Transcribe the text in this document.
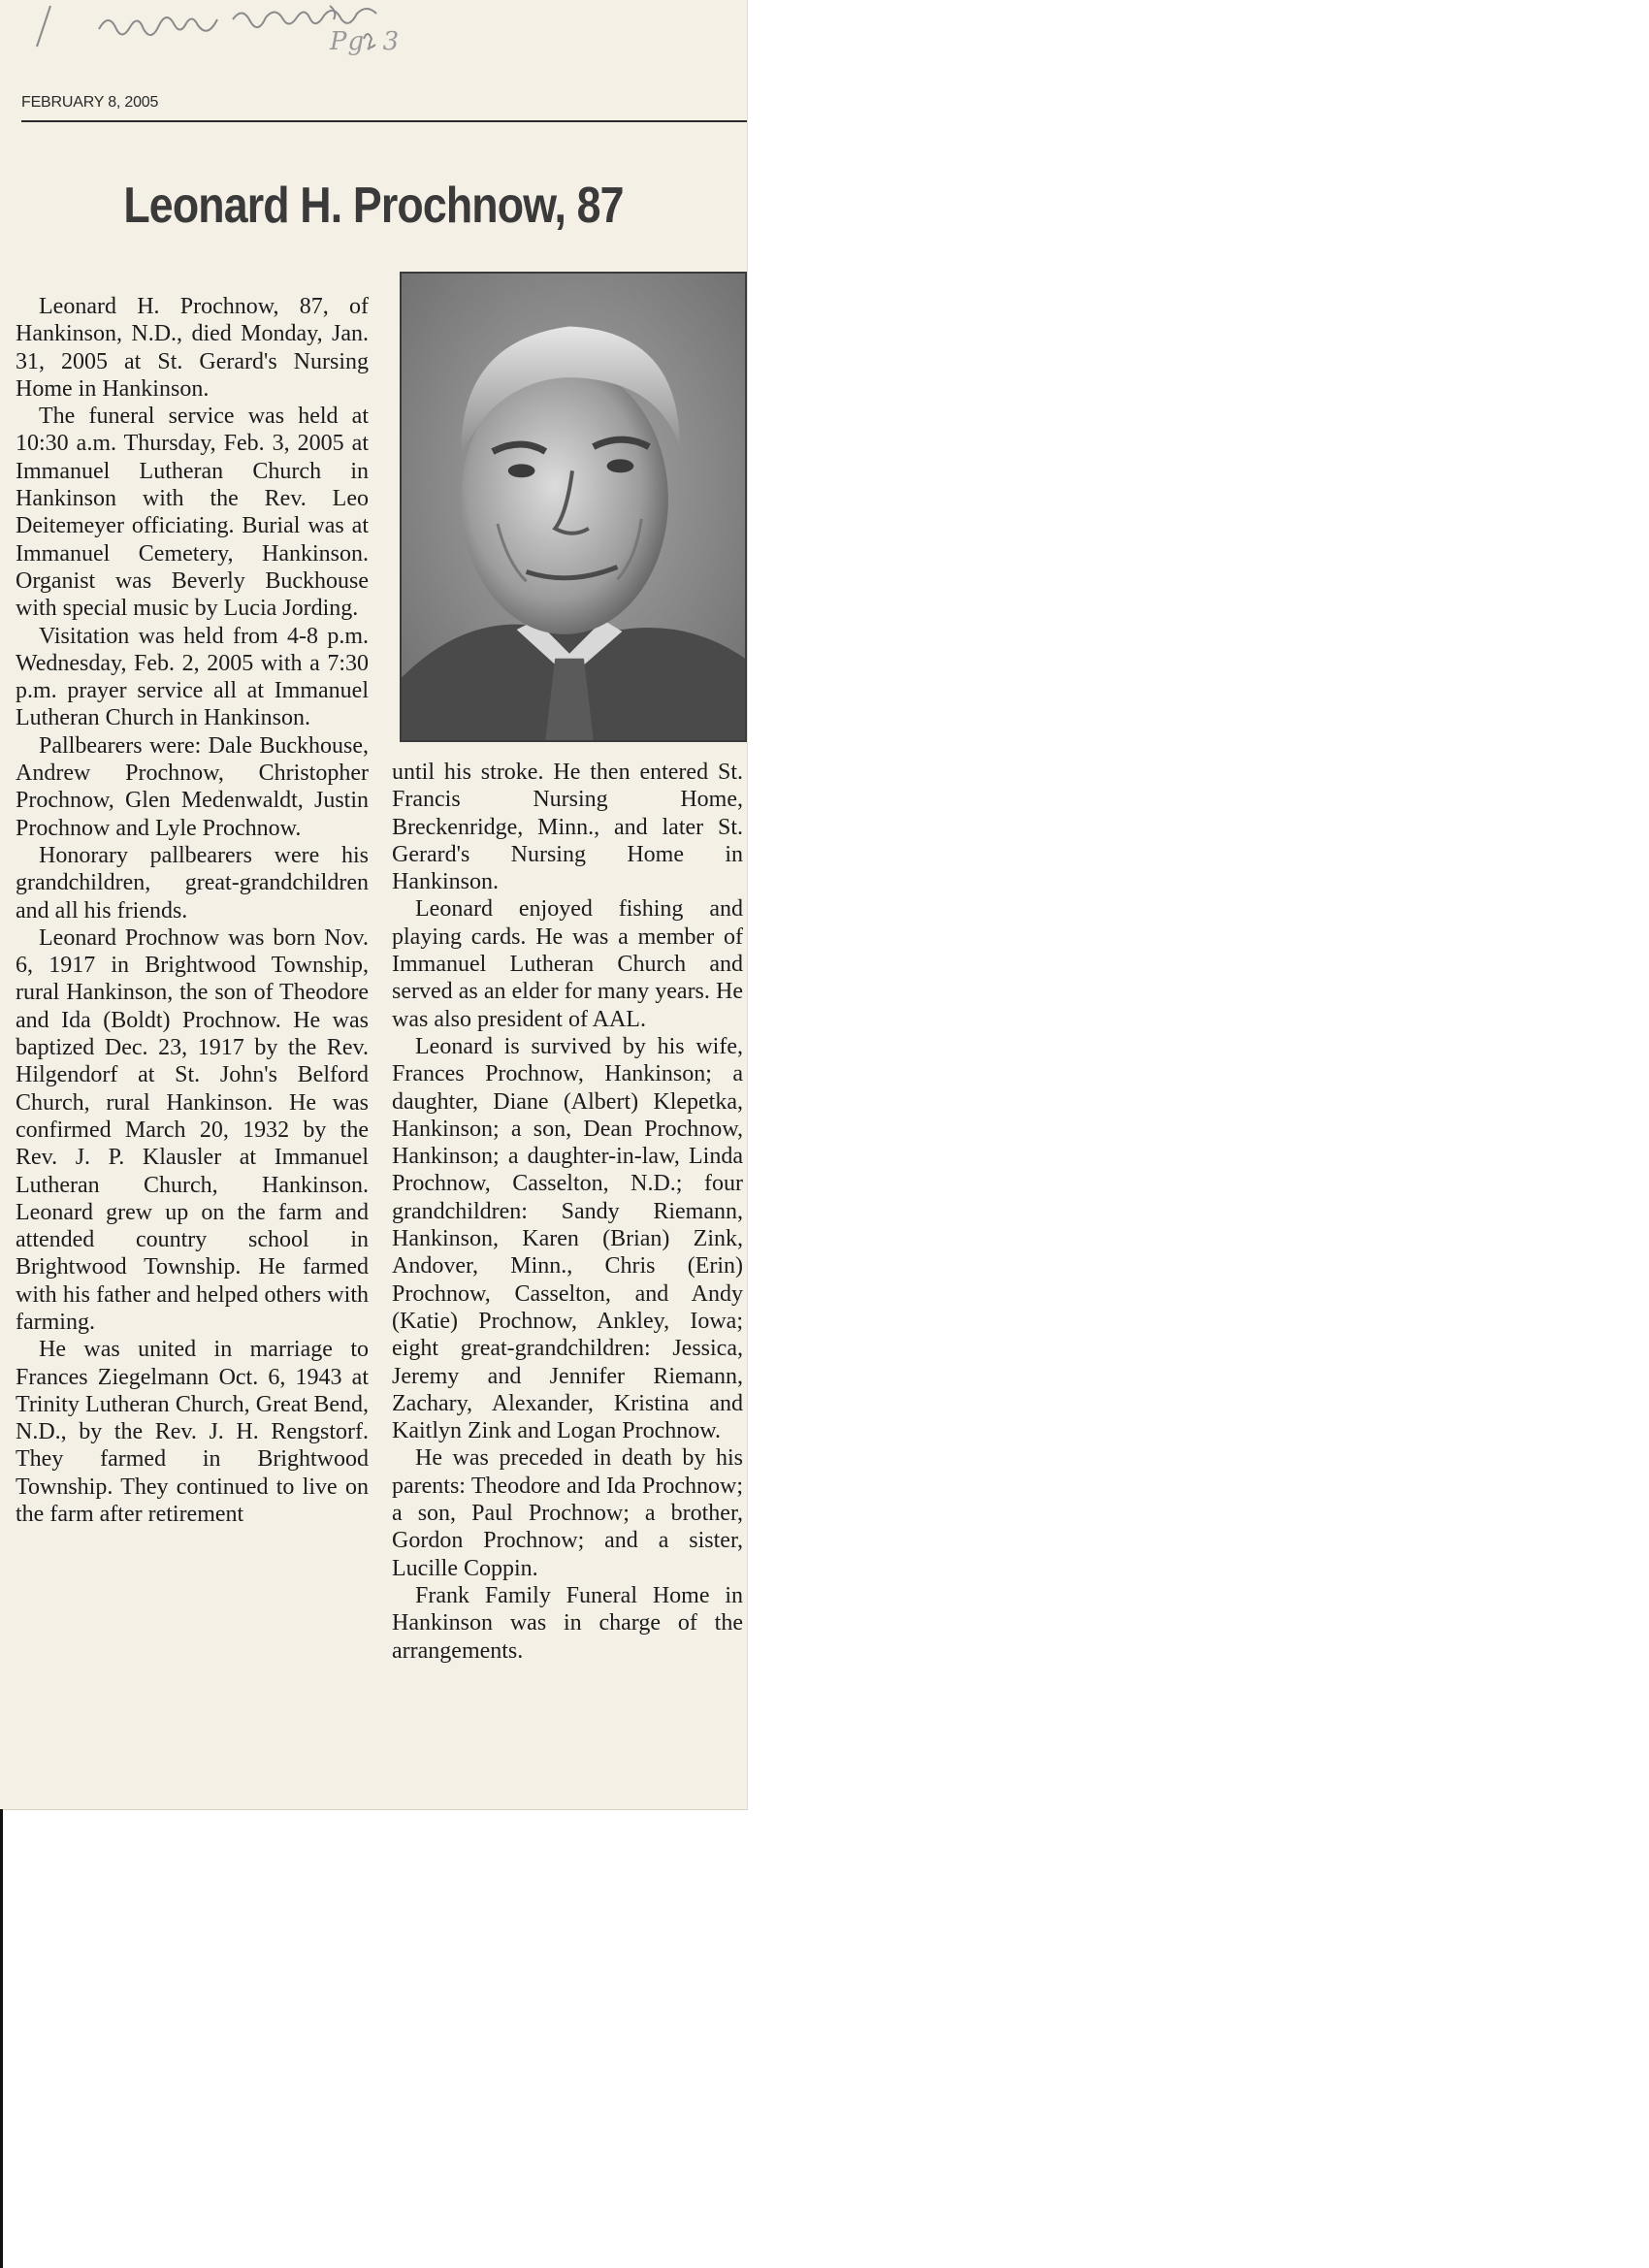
Pg. 3
FEBRUARY 8, 2005
Leonard H. Prochnow, 87

Leonard H. Prochnow, 87, of Hankinson, N.D., died Monday, Jan. 31, 2005 at St. Gerard's Nursing Home in Hankinson.

The funeral service was held at 10:30 a.m. Thursday, Feb. 3, 2005 at Immanuel Lutheran Church in Hankinson with the Rev. Leo Deitemeyer officiating. Burial was at Immanuel Cemetery, Hankinson. Organist was Beverly Buckhouse with special music by Lucia Jording.

Visitation was held from 4-8 p.m. Wednesday, Feb. 2, 2005 with a 7:30 p.m. prayer service all at Immanuel Lutheran Church in Hankinson.

Pallbearers were: Dale Buckhouse, Andrew Prochnow, Christopher Prochnow, Glen Medenwaldt, Justin Prochnow and Lyle Prochnow.

Honorary pallbearers were his grandchildren, great-grandchildren and all his friends.

Leonard Prochnow was born Nov. 6, 1917 in Brightwood Township, rural Hankinson, the son of Theodore and Ida (Boldt) Prochnow. He was baptized Dec. 23, 1917 by the Rev. Hilgendorf at St. John's Belford Church, rural Hankinson. He was confirmed March 20, 1932 by the Rev. J. P. Klausler at Immanuel Lutheran Church, Hankinson. Leonard grew up on the farm and attended country school in Brightwood Township. He farmed with his father and helped others with farming.

He was united in marriage to Frances Ziegelmann Oct. 6, 1943 at Trinity Lutheran Church, Great Bend, N.D., by the Rev. J. H. Rengstorf. They farmed in Brightwood Township. They continued to live on the farm after retirement

until his stroke. He then entered St. Francis Nursing Home, Breckenridge, Minn., and later St. Gerard's Nursing Home in Hankinson.

Leonard enjoyed fishing and playing cards. He was a member of Immanuel Lutheran Church and served as an elder for many years. He was also president of AAL.

Leonard is survived by his wife, Frances Prochnow, Hankinson; a daughter, Diane (Albert) Klepetka, Hankinson; a son, Dean Prochnow, Hankinson; a daughter-in-law, Linda Prochnow, Casselton, N.D.; four grandchildren: Sandy Riemann, Hankinson, Karen (Brian) Zink, Andover, Minn., Chris (Erin) Prochnow, Casselton, and Andy (Katie) Prochnow, Ankley, Iowa; eight great-grandchildren: Jessica, Jeremy and Jennifer Riemann, Zachary, Alexander, Kristina and Kaitlyn Zink and Logan Prochnow.

He was preceded in death by his parents: Theodore and Ida Prochnow; a son, Paul Prochnow; a brother, Gordon Prochnow; and a sister, Lucille Coppin.

Frank Family Funeral Home in Hankinson was in charge of the arrangements.
